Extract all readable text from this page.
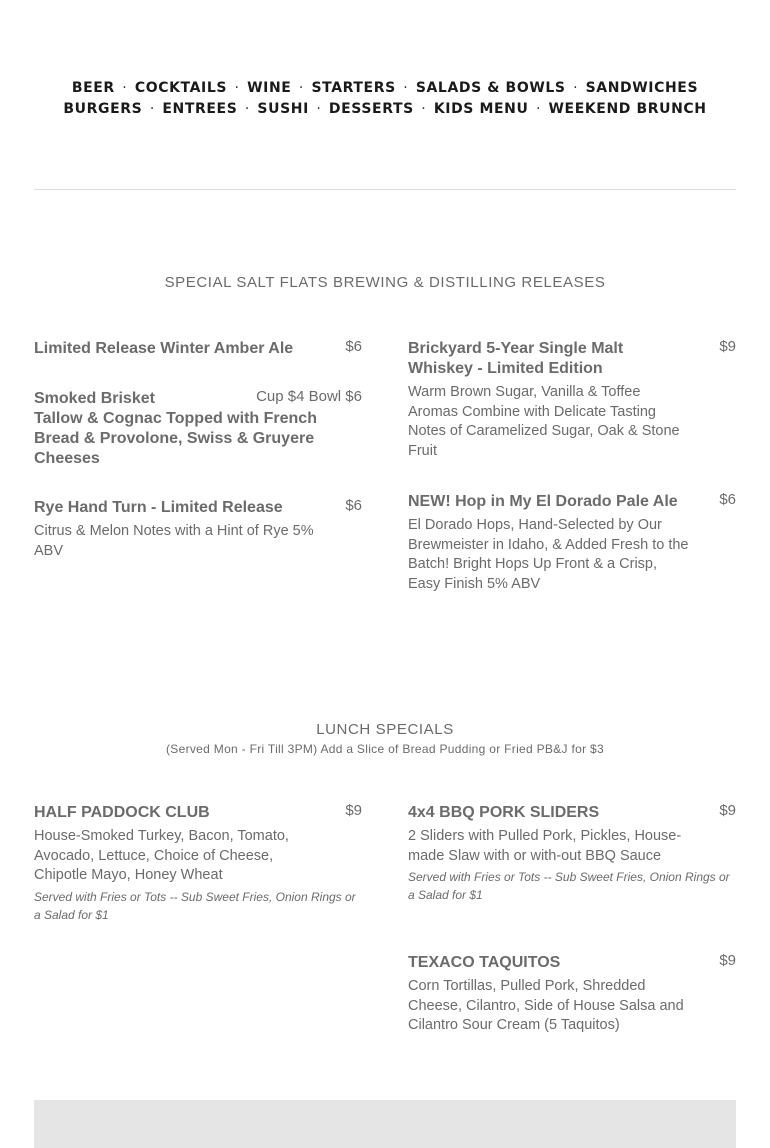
BEER · COCKTAILS · WINE · STARTERS · SALADS & BOWLS · SANDWICHES
BURGERS · ENTREES · SUSHI · DESSERTS · KIDS MENU · WEEKEND BRUNCH
SPECIAL SALT FLATS BREWING & DISTILLING RELEASES
Limited Release Winter Amber Ale	$6
Smoked Brisket
Tallow & Cognac Topped with French Bread & Provolone, Swiss & Gruyere Cheeses
Cup $4 Bowl $6
Rye Hand Turn - Limited Release	$6
Citrus & Melon Notes with a Hint of Rye 5% ABV
Brickyard 5-Year Single Malt Whiskey - Limited Edition
$9
Warm Brown Sugar, Vanilla & Toffee Aromas Combine with Delicate Tasting Notes of Caramelized Sugar, Oak & Stone Fruit
NEW! Hop in My El Dorado Pale Ale	$6
El Dorado Hops, Hand-Selected by Our Brewmeister in Idaho, & Added Fresh to the Batch! Bright Hops Up Front & a Crisp, Easy Finish 5% ABV
LUNCH SPECIALS
(Served Mon - Fri Till 3PM) Add a Slice of Bread Pudding or Fried PB&J for $3
HALF PADDOCK CLUB	$9
House-Smoked Turkey, Bacon, Tomato, Avocado, Lettuce, Choice of Cheese, Chipotle Mayo, Honey Wheat
Served with Fries or Tots -- Sub Sweet Fries, Onion Rings or a Salad for $1
4x4 BBQ PORK SLIDERS	$9
2 Sliders with Pulled Pork, Pickles, House-made Slaw with or with-out BBQ Sauce
Served with Fries or Tots -- Sub Sweet Fries, Onion Rings or a Salad for $1
TEXACO TAQUITOS	$9
Corn Tortillas, Pulled Pork, Shredded Cheese, Cilantro, Side of House Salsa and Cilantro Sour Cream (5 Taquitos)
